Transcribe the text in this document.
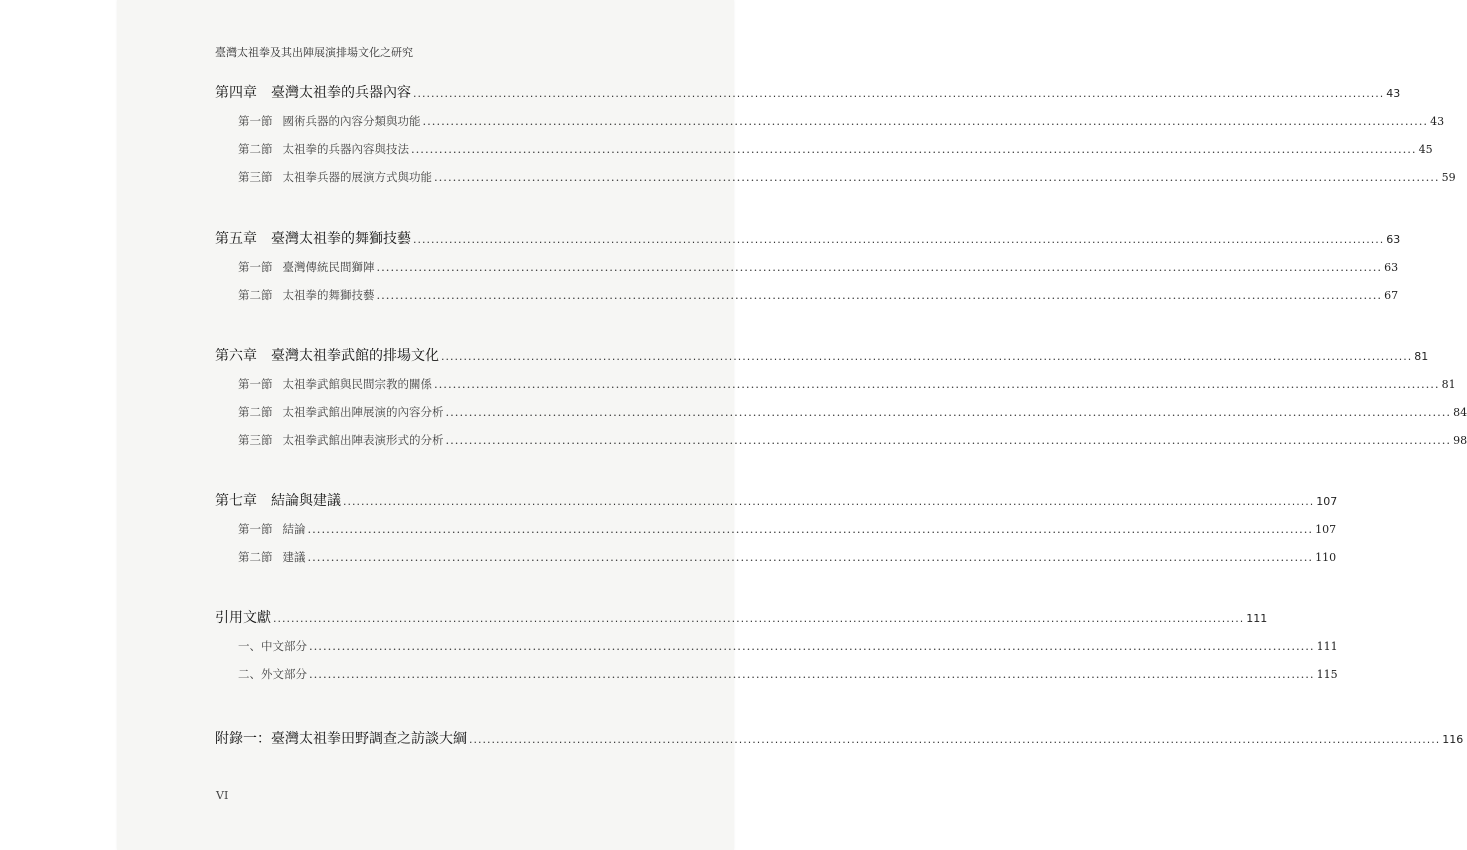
臺灣太祖拳及其出陣展演排場文化之研究
第四章 臺灣太祖拳的兵器內容 ........................................................................................................................................................................................................................ 43
第一節 國術兵器的內容分類與功能 ........................................................................................................................................................................................................................ 43
第二節 太祖拳的兵器內容與技法 ........................................................................................................................................................................................................................ 45
第三節 太祖拳兵器的展演方式與功能 ........................................................................................................................................................................................................................ 59
第五章 臺灣太祖拳的舞獅技藝 ........................................................................................................................................................................................................................ 63
第一節 臺灣傳統民間獅陣 ........................................................................................................................................................................................................................ 63
第二節 太祖拳的舞獅技藝 ........................................................................................................................................................................................................................ 67
第六章 臺灣太祖拳武館的排場文化 ........................................................................................................................................................................................................................ 81
第一節 太祖拳武館與民間宗教的關係 ........................................................................................................................................................................................................................ 81
第二節 太祖拳武館出陣展演的內容分析 ........................................................................................................................................................................................................................ 84
第三節 太祖拳武館出陣表演形式的分析 ........................................................................................................................................................................................................................ 98
第七章 結論與建議 ........................................................................................................................................................................................................................ 107
第一節 結論 ........................................................................................................................................................................................................................ 107
第二節 建議 ........................................................................................................................................................................................................................ 110
引用文獻 ........................................................................................................................................................................................................................ 111
一、中文部分 ........................................................................................................................................................................................................................ 111
二、外文部分 ........................................................................................................................................................................................................................ 115
附錄一：臺灣太祖拳田野調查之訪談大綱 ........................................................................................................................................................................................................................ 116
VI
